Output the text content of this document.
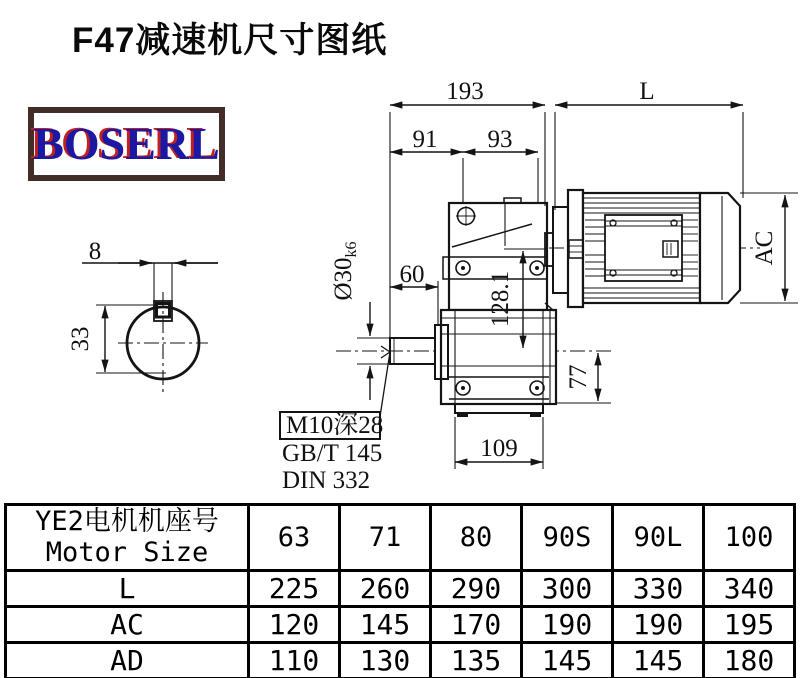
F47减速机尺寸图纸
BOSERL
8
33
193	L
91 93
60
$Ø30_{k6}$
128.1
77
109
AC
M10深28
GB/T 145
DIN 332
YE2电机机座号
Motor Size	63	71	80	90S	90L	100
L	225	260	290	300	330	340
AC	120	145	170	190	190	195
AD	110	130	135	145	145	180
